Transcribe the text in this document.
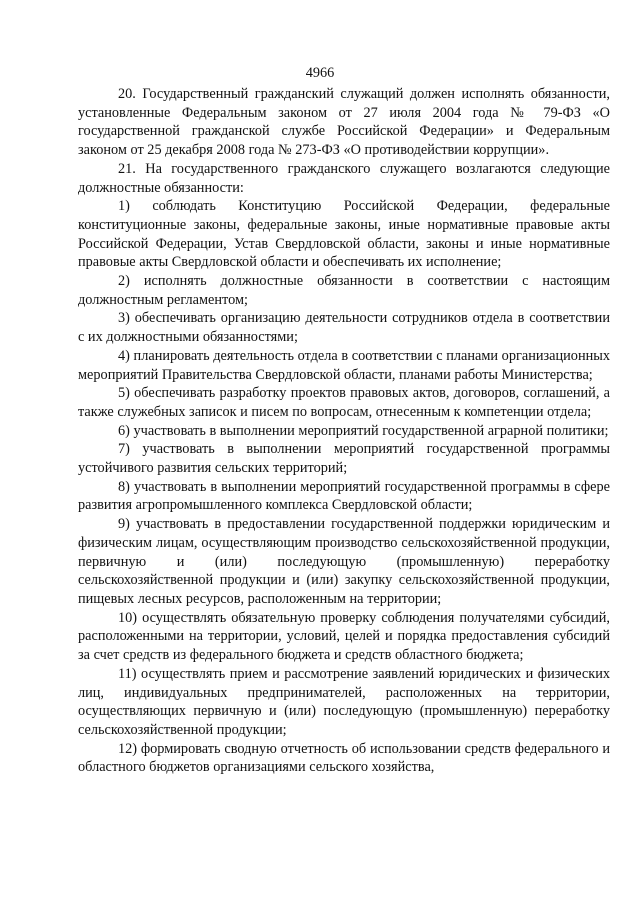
4966

20. Государственный гражданский служащий должен исполнять обязанности, установленные Федеральным законом от 27 июля 2004 года № 79-ФЗ «О государственной гражданской службе Российской Федерации» и Федеральным законом от 25 декабря 2008 года № 273-ФЗ «О противодействии коррупции».

21. На государственного гражданского служащего возлагаются следующие должностные обязанности:

1) соблюдать Конституцию Российской Федерации, федеральные конституционные законы, федеральные законы, иные нормативные правовые акты Российской Федерации, Устав Свердловской области, законы и иные нормативные правовые акты Свердловской области и обеспечивать их исполнение;

2) исполнять должностные обязанности в соответствии с настоящим должностным регламентом;

3) обеспечивать организацию деятельности сотрудников отдела в соответствии с их должностными обязанностями;

4) планировать деятельность отдела в соответствии с планами организационных мероприятий Правительства Свердловской области, планами работы Министерства;

5) обеспечивать разработку проектов правовых актов, договоров, соглашений, а также служебных записок и писем по вопросам, отнесенным к компетенции отдела;

6) участвовать в выполнении мероприятий государственной аграрной политики;

7) участвовать в выполнении мероприятий государственной программы устойчивого развития сельских территорий;

8) участвовать в выполнении мероприятий государственной программы в сфере развития агропромышленного комплекса Свердловской области;

9) участвовать в предоставлении государственной поддержки юридическим и физическим лицам, осуществляющим производство сельскохозяйственной продукции, первичную и (или) последующую (промышленную) переработку сельскохозяйственной продукции и (или) закупку сельскохозяйственной продукции, пищевых лесных ресурсов, расположенным на территории;

10) осуществлять обязательную проверку соблюдения получателями субсидий, расположенными на территории, условий, целей и порядка предоставления субсидий за счет средств из федерального бюджета и средств областного бюджета;

11) осуществлять прием и рассмотрение заявлений юридических и физических лиц, индивидуальных предпринимателей, расположенных на территории, осуществляющих первичную и (или) последующую (промышленную) переработку сельскохозяйственной продукции;

12) формировать сводную отчетность об использовании средств федерального и областного бюджетов организациями сельского хозяйства,
